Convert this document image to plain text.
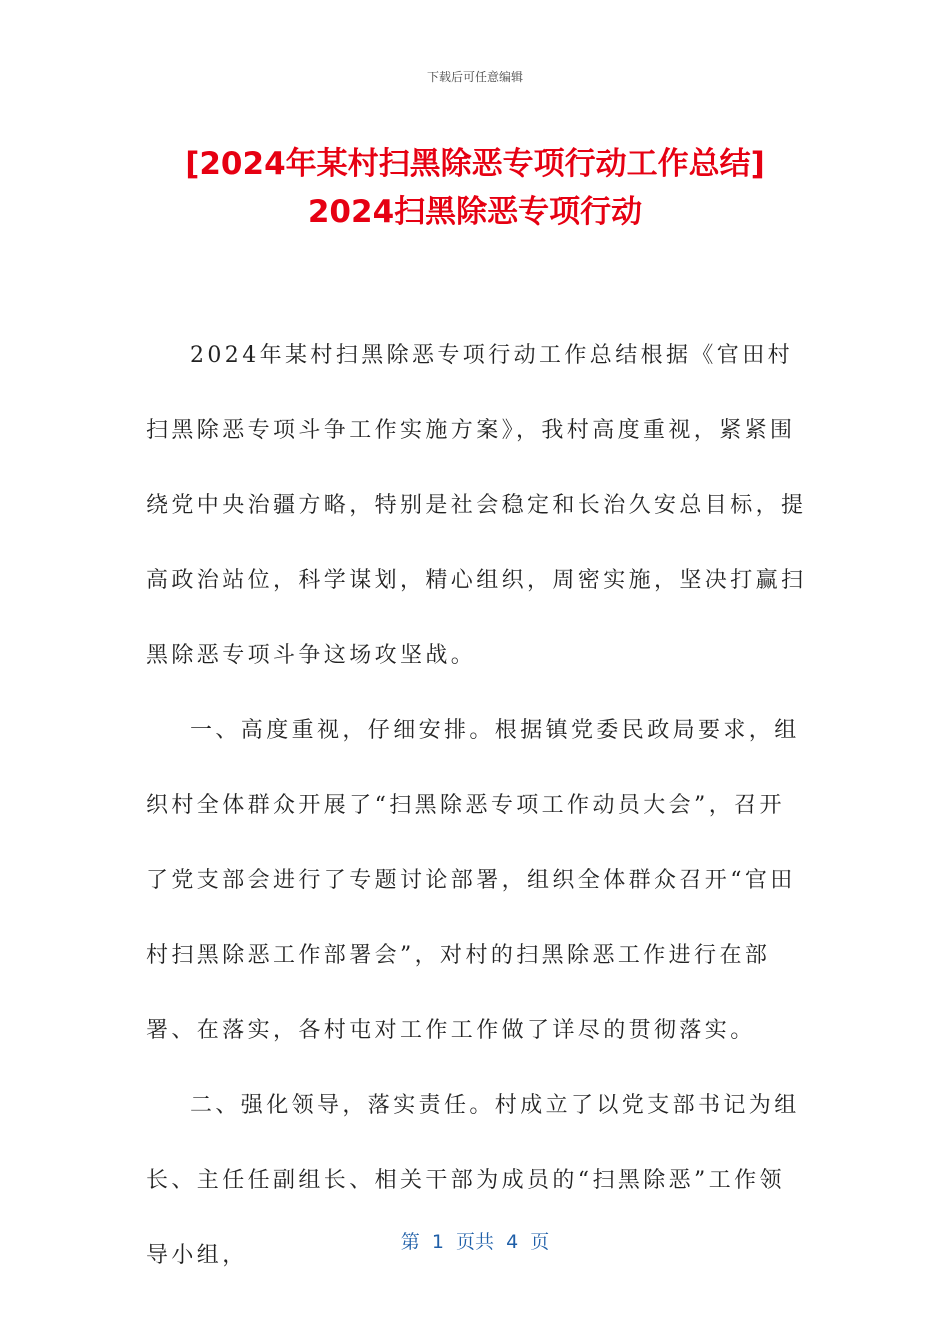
下载后可任意编辑
[2024年某村扫黑除恶专项行动工作总结]
2024扫黑除恶专项行动

2024年某村扫黑除恶专项行动工作总结根据《官田村扫黑除恶专项斗争工作实施方案》，我村高度重视，紧紧围绕党中央治疆方略，特别是社会稳定和长治久安总目标，提高政治站位，科学谋划，精心组织，周密实施，坚决打赢扫黑除恶专项斗争这场攻坚战。

一、高度重视，仔细安排。根据镇党委民政局要求，组织村全体群众开展了“扫黑除恶专项工作动员大会”，召开了党支部会进行了专题讨论部署，组织全体群众召开“官田村扫黑除恶工作部署会”，对村的扫黑除恶工作进行在部署、在落实，各村屯对工作工作做了详尽的贯彻落实。

二、强化领导，落实责任。村成立了以党支部书记为组长、主任任副组长、相关干部为成员的“扫黑除恶”工作领导小组，

第  1  页共  4  页
